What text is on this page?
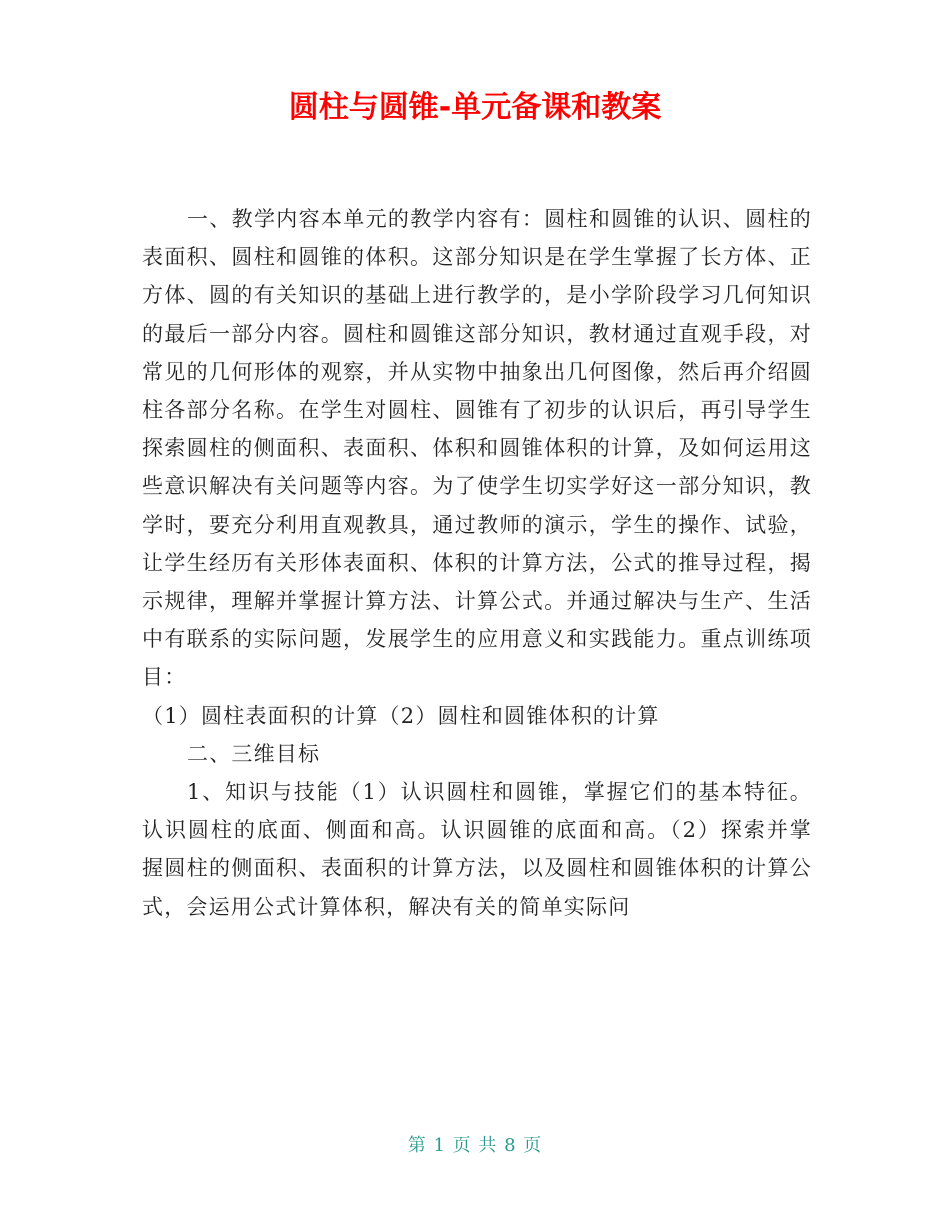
圆柱与圆锥-单元备课和教案

一、教学内容本单元的教学内容有：圆柱和圆锥的认识、圆柱的表面积、圆柱和圆锥的体积。这部分知识是在学生掌握了长方体、正方体、圆的有关知识的基础上进行教学的，是小学阶段学习几何知识的最后一部分内容。圆柱和圆锥这部分知识，教材通过直观手段，对常见的几何形体的观察，并从实物中抽象出几何图像，然后再介绍圆柱各部分名称。在学生对圆柱、圆锥有了初步的认识后，再引导学生探索圆柱的侧面积、表面积、体积和圆锥体积的计算，及如何运用这些意识解决有关问题等内容。为了使学生切实学好这一部分知识，教学时，要充分利用直观教具，通过教师的演示，学生的操作、试验，让学生经历有关形体表面积、体积的计算方法，公式的推导过程，揭示规律，理解并掌握计算方法、计算公式。并通过解决与生产、生活中有联系的实际问题，发展学生的应用意义和实践能力。重点训练项目：

（1）圆柱表面积的计算（2）圆柱和圆锥体积的计算

二、三维目标

1、知识与技能（1）认识圆柱和圆锥，掌握它们的基本特征。认识圆柱的底面、侧面和高。认识圆锥的底面和高。（2）探索并掌握圆柱的侧面积、表面积的计算方法，以及圆柱和圆锥体积的计算公式，会运用公式计算体积，解决有关的简单实际问

第 1 页 共 8 页
